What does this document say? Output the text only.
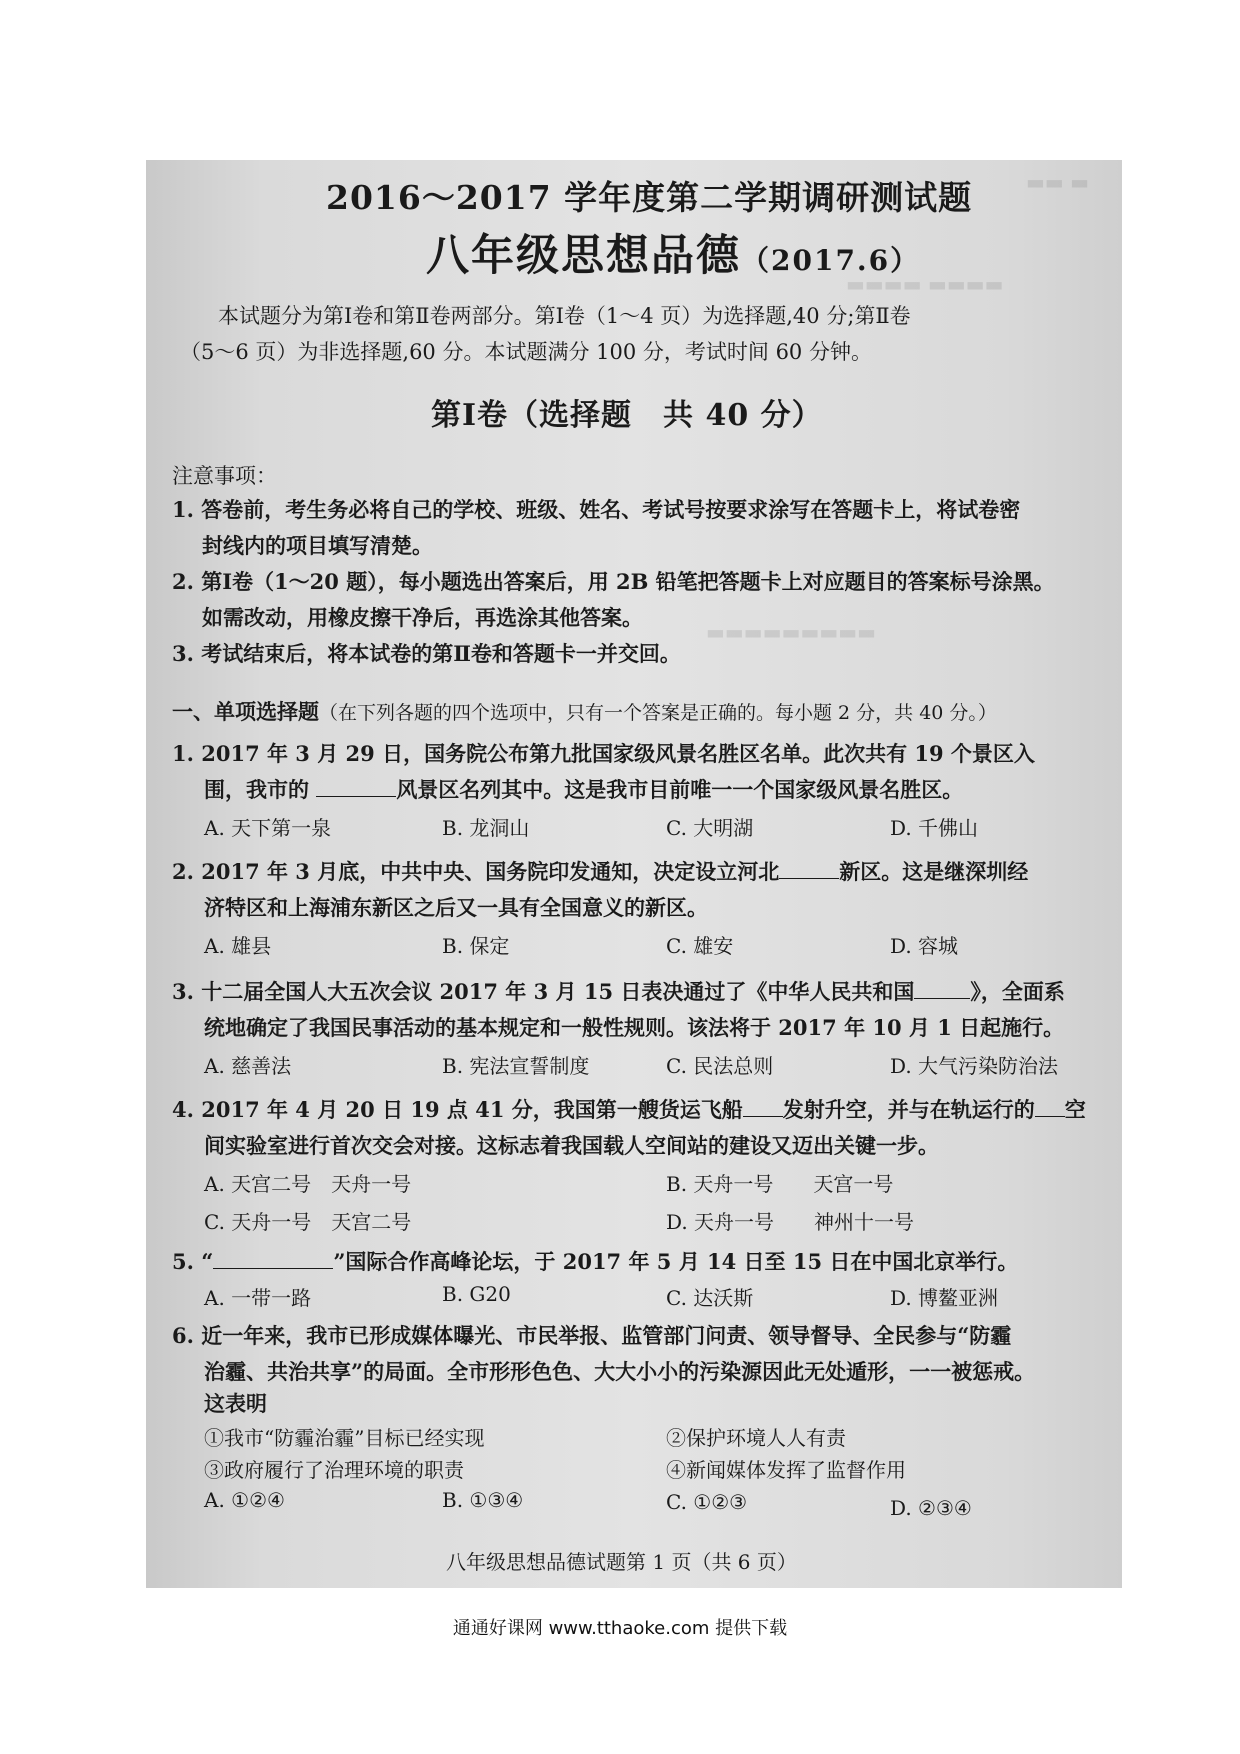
▬▬ ▬
▬▬▬▬ ▬▬▬▬
▬▬▬▬▬▬▬▬▬
2016～2017 学年度第二学期调研测试题
八年级思想品德（2017.6）
本试题分为第Ⅰ卷和第Ⅱ卷两部分。第Ⅰ卷（1～4 页）为选择题,40 分;第Ⅱ卷
（5～6 页）为非选择题,60 分。本试题满分 100 分，考试时间 60 分钟。
第Ⅰ卷（选择题　共 40 分）
注意事项：
1. 答卷前，考生务必将自己的学校、班级、姓名、考试号按要求涂写在答题卡上，将试卷密
封线内的项目填写清楚。
2. 第Ⅰ卷（1～20 题），每小题选出答案后，用 2B 铅笔把答题卡上对应题目的答案标号涂黑。
如需改动，用橡皮擦干净后，再选涂其他答案。
3. 考试结束后，将本试卷的第Ⅱ卷和答题卡一并交回。
一、单项选择题（在下列各题的四个选项中，只有一个答案是正确的。每小题 2 分，共 40 分。）
1. 2017 年 3 月 29 日，国务院公布第九批国家级风景名胜区名单。此次共有 19 个景区入
围，我市的	风景区名列其中。这是我市目前唯一一个国家级风景名胜区。
A. 天下第一泉	B. 龙洞山	C. 大明湖	D. 千佛山
2. 2017 年 3 月底，中共中央、国务院印发通知，决定设立河北	新区。这是继深圳经
济特区和上海浦东新区之后又一具有全国意义的新区。
A. 雄县	B. 保定	C. 雄安	D. 容城
3. 十二届全国人大五次会议 2017 年 3 月 15 日表决通过了《中华人民共和国	》，全面系
统地确定了我国民事活动的基本规定和一般性规则。该法将于 2017 年 10 月 1 日起施行。
A. 慈善法	B. 宪法宣誓制度	C. 民法总则	D. 大气污染防治法
4. 2017 年 4 月 20 日 19 点 41 分，我国第一艘货运飞船 发射升空，并与在轨运行的 空
间实验室进行首次交会对接。这标志着我国载人空间站的建设又迈出关键一步。
A. 天宫二号　天舟一号	B. 天舟一号　　天宫一号
C. 天舟一号　天宫二号	D. 天舟一号　　神州十一号
5. “	”国际合作高峰论坛，于 2017 年 5 月 14 日至 15 日在中国北京举行。
A. 一带一路	B. G20	C. 达沃斯	D. 博鳌亚洲
6. 近一年来，我市已形成媒体曝光、市民举报、监管部门问责、领导督导、全民参与“防霾
治霾、共治共享”的局面。全市形形色色、大大小小的污染源因此无处遁形，一一被惩戒。
这表明
①我市“防霾治霾”目标已经实现	②保护环境人人有责
③政府履行了治理环境的职责	④新闻媒体发挥了监督作用
A. ①②④	B. ①③④	C. ①②③	D. ②③④
八年级思想品德试题第 1 页（共 6 页）
通通好课网 www.tthaoke.com 提供下载
